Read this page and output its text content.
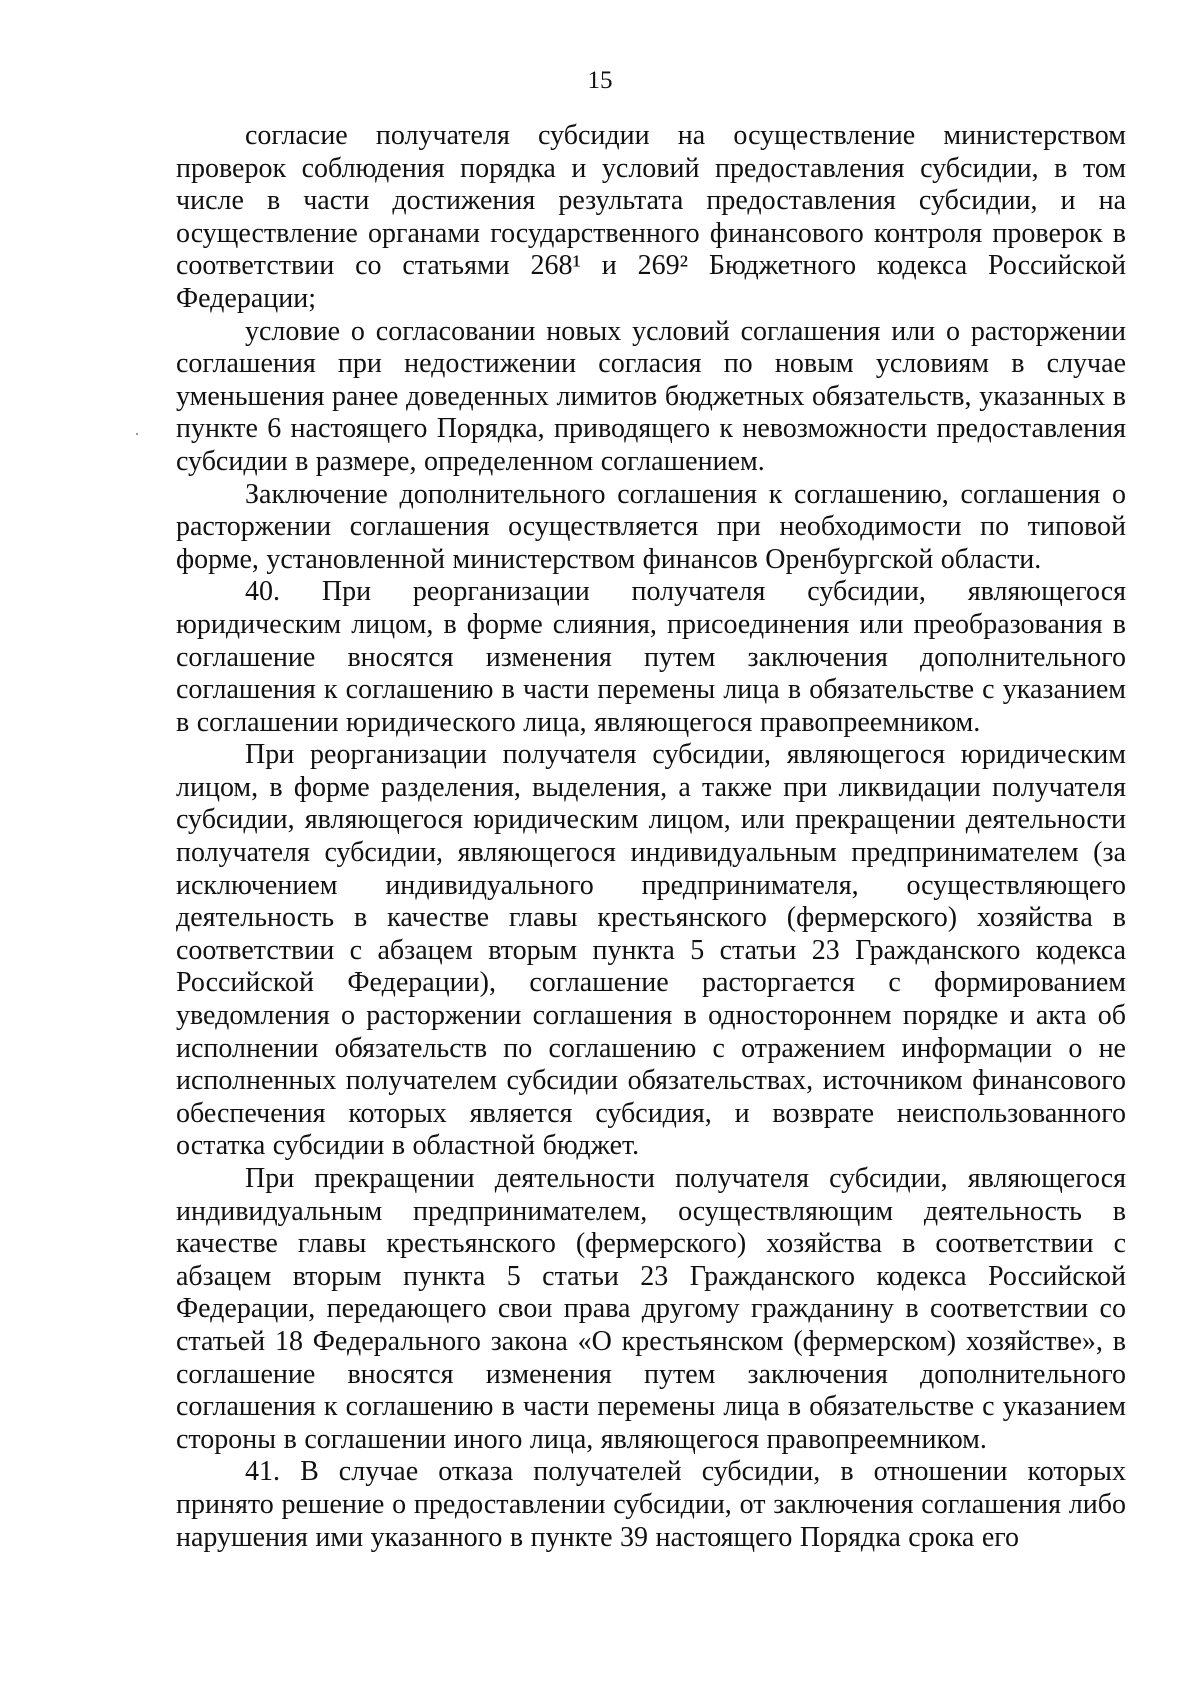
15

согласие получателя субсидии на осуществление министерством проверок соблюдения порядка и условий предоставления субсидии, в том числе в части достижения результата предоставления субсидии, и на осуществление органами государственного финансового контроля проверок в соответствии со статьями 268¹ и 269² Бюджетного кодекса Российской Федерации;

условие о согласовании новых условий соглашения или о расторжении соглашения при недостижении согласия по новым условиям в случае уменьшения ранее доведенных лимитов бюджетных обязательств, указанных в пункте 6 настоящего Порядка, приводящего к невозможности предоставления субсидии в размере, определенном соглашением.

Заключение дополнительного соглашения к соглашению, соглашения о расторжении соглашения осуществляется при необходимости по типовой форме, установленной министерством финансов Оренбургской области.

40. При реорганизации получателя субсидии, являющегося юридическим лицом, в форме слияния, присоединения или преобразования в соглашение вносятся изменения путем заключения дополнительного соглашения к соглашению в части перемены лица в обязательстве с указанием в соглашении юридического лица, являющегося правопреемником.

При реорганизации получателя субсидии, являющегося юридическим лицом, в форме разделения, выделения, а также при ликвидации получателя субсидии, являющегося юридическим лицом, или прекращении деятельности получателя субсидии, являющегося индивидуальным предпринимателем (за исключением индивидуального предпринимателя, осуществляющего деятельность в качестве главы крестьянского (фермерского) хозяйства в соответствии с абзацем вторым пункта 5 статьи 23 Гражданского кодекса Российской Федерации), соглашение расторгается с формированием уведомления о расторжении соглашения в одностороннем порядке и акта об исполнении обязательств по соглашению с отражением информации о не исполненных получателем субсидии обязательствах, источником финансового обеспечения которых является субсидия, и возврате неиспользованного остатка субсидии в областной бюджет.

При прекращении деятельности получателя субсидии, являющегося индивидуальным предпринимателем, осуществляющим деятельность в качестве главы крестьянского (фермерского) хозяйства в соответствии с абзацем вторым пункта 5 статьи 23 Гражданского кодекса Российской Федерации, передающего свои права другому гражданину в соответствии со статьей 18 Федерального закона «О крестьянском (фермерском) хозяйстве», в соглашение вносятся изменения путем заключения дополнительного соглашения к соглашению в части перемены лица в обязательстве с указанием стороны в соглашении иного лица, являющегося правопреемником.

41. В случае отказа получателей субсидии, в отношении которых принято решение о предоставлении субсидии, от заключения соглашения либо нарушения ими указанного в пункте 39 настоящего Порядка срока его
